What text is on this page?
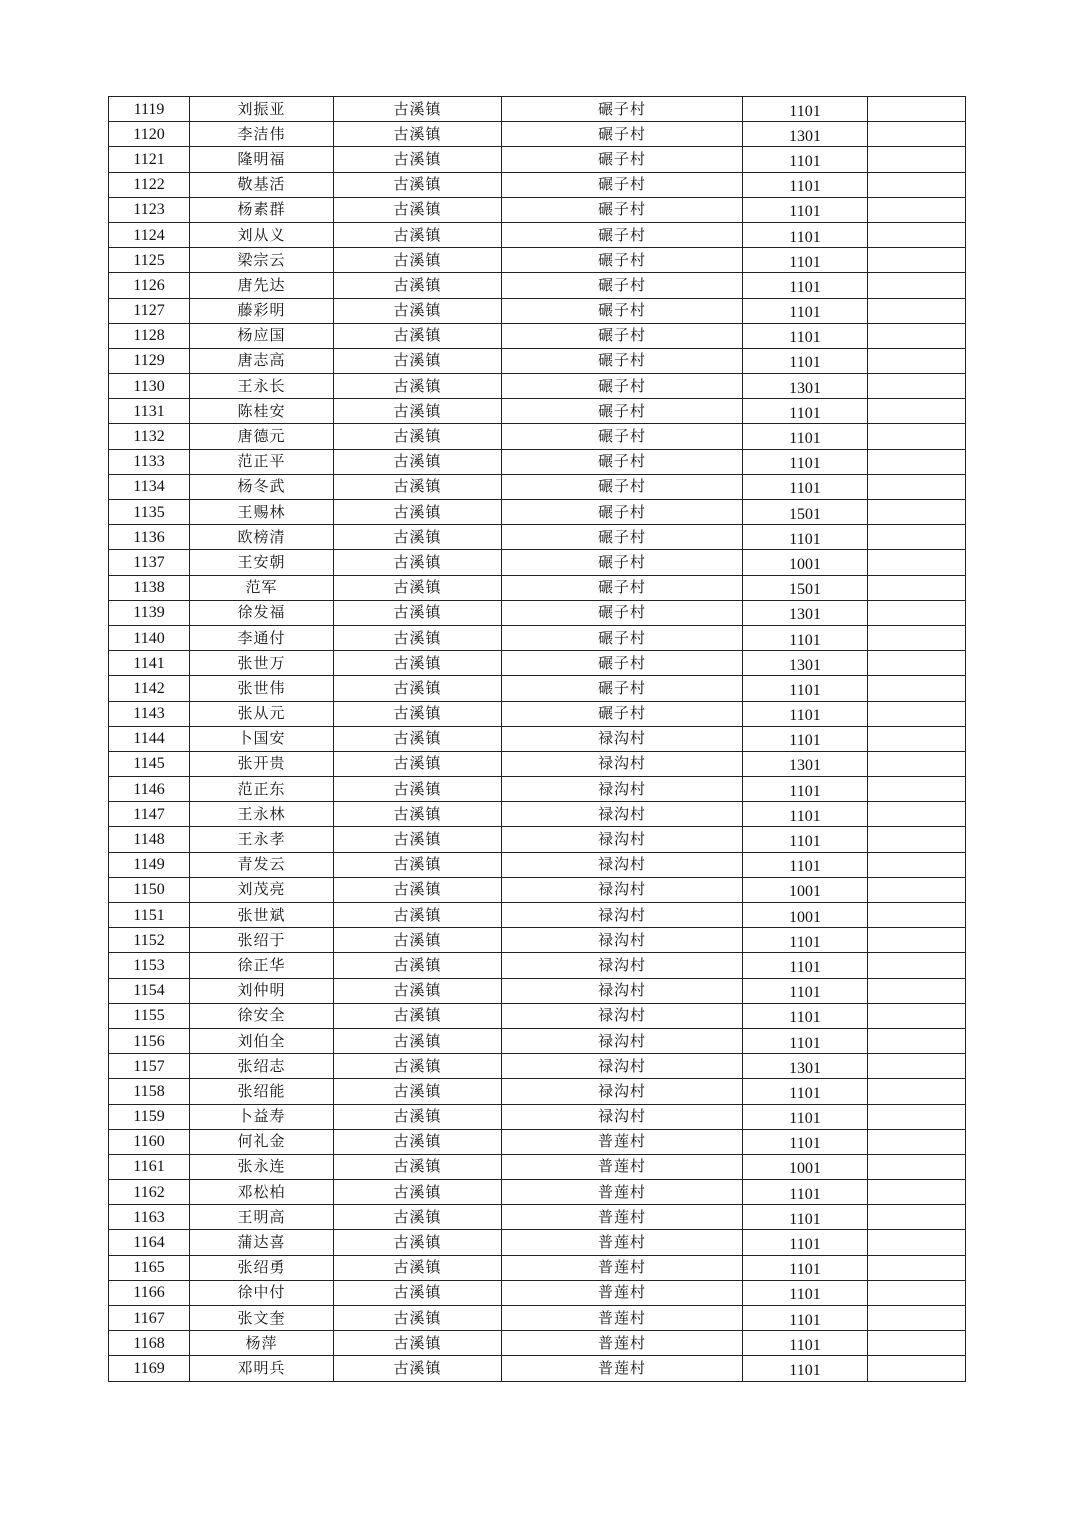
1119	刘振亚	古溪镇	碾子村	1101	
1120	李洁伟	古溪镇	碾子村	1301	
1121	隆明福	古溪镇	碾子村	1101	
1122	敬基活	古溪镇	碾子村	1101	
1123	杨素群	古溪镇	碾子村	1101	
1124	刘从义	古溪镇	碾子村	1101	
1125	梁宗云	古溪镇	碾子村	1101	
1126	唐先达	古溪镇	碾子村	1101	
1127	藤彩明	古溪镇	碾子村	1101	
1128	杨应国	古溪镇	碾子村	1101	
1129	唐志高	古溪镇	碾子村	1101	
1130	王永长	古溪镇	碾子村	1301	
1131	陈桂安	古溪镇	碾子村	1101	
1132	唐德元	古溪镇	碾子村	1101	
1133	范正平	古溪镇	碾子村	1101	
1134	杨冬武	古溪镇	碾子村	1101	
1135	王赐林	古溪镇	碾子村	1501	
1136	欧榜清	古溪镇	碾子村	1101	
1137	王安朝	古溪镇	碾子村	1001	
1138	范军	古溪镇	碾子村	1501	
1139	徐发福	古溪镇	碾子村	1301	
1140	李通付	古溪镇	碾子村	1101	
1141	张世万	古溪镇	碾子村	1301	
1142	张世伟	古溪镇	碾子村	1101	
1143	张从元	古溪镇	碾子村	1101	
1144	卜国安	古溪镇	禄沟村	1101	
1145	张开贵	古溪镇	禄沟村	1301	
1146	范正东	古溪镇	禄沟村	1101	
1147	王永林	古溪镇	禄沟村	1101	
1148	王永孝	古溪镇	禄沟村	1101	
1149	青发云	古溪镇	禄沟村	1101	
1150	刘茂亮	古溪镇	禄沟村	1001	
1151	张世斌	古溪镇	禄沟村	1001	
1152	张绍于	古溪镇	禄沟村	1101	
1153	徐正华	古溪镇	禄沟村	1101	
1154	刘仲明	古溪镇	禄沟村	1101	
1155	徐安全	古溪镇	禄沟村	1101	
1156	刘伯全	古溪镇	禄沟村	1101	
1157	张绍志	古溪镇	禄沟村	1301	
1158	张绍能	古溪镇	禄沟村	1101	
1159	卜益寿	古溪镇	禄沟村	1101	
1160	何礼金	古溪镇	普莲村	1101	
1161	张永连	古溪镇	普莲村	1001	
1162	邓松柏	古溪镇	普莲村	1101	
1163	王明高	古溪镇	普莲村	1101	
1164	蒲达喜	古溪镇	普莲村	1101	
1165	张绍勇	古溪镇	普莲村	1101	
1166	徐中付	古溪镇	普莲村	1101	
1167	张文奎	古溪镇	普莲村	1101	
1168	杨萍	古溪镇	普莲村	1101	
1169	邓明兵	古溪镇	普莲村	1101	
